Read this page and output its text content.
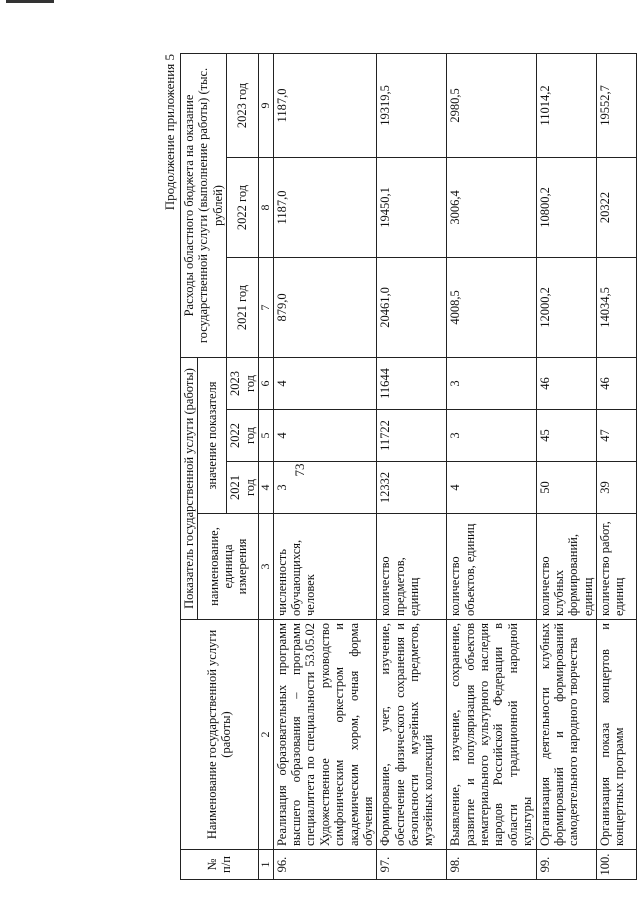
73
Продолжение приложения 5
№ п/п	Наименование государственной услуги (работы)	Показатель государственной услуги (работы)				Расходы областного бюджета на оказание государственной услуги (выполнение работы) (тыс. рублей)		
		наименование, единица измерения	значение показателя					
			2021 год	2022 год	2023 год	2021 год	2022 год	2023 год
1	2	3	4	5	6	7	8	9
96.	Реализация образовательных программ высшего образования – программ специалитета по специальности 53.05.02 Художественное руководство симфоническим оркестром и академическим хором, очная форма обучения	численность обучающихся, человек	3	4	4	879,0	1187,0	1187,0
97.	Формирование, учет, изучение, обеспечение физического сохранения и безопасности музейных предметов, музейных коллекций	количество предметов, единиц	12332	11722	11644	20461,0	19450,1	19319,5
98.	Выявление, изучение, сохранение, развитие и популяризация объектов нематериального культурного наследия народов Российской Федерации в области традиционной народной культуры	количество объектов, единиц	4	3	3	4008,5	3006,4	2980,5
99.	Организация деятельности клубных формирований и формирований самодеятельного народного творчества	количество клубных формирований, единиц	50	45	46	12000,2	10800,2	11014,2
100.	Организация показа концертов и концертных программ	количество работ, единиц	39	47	46	14034,5	20322	19552,7
